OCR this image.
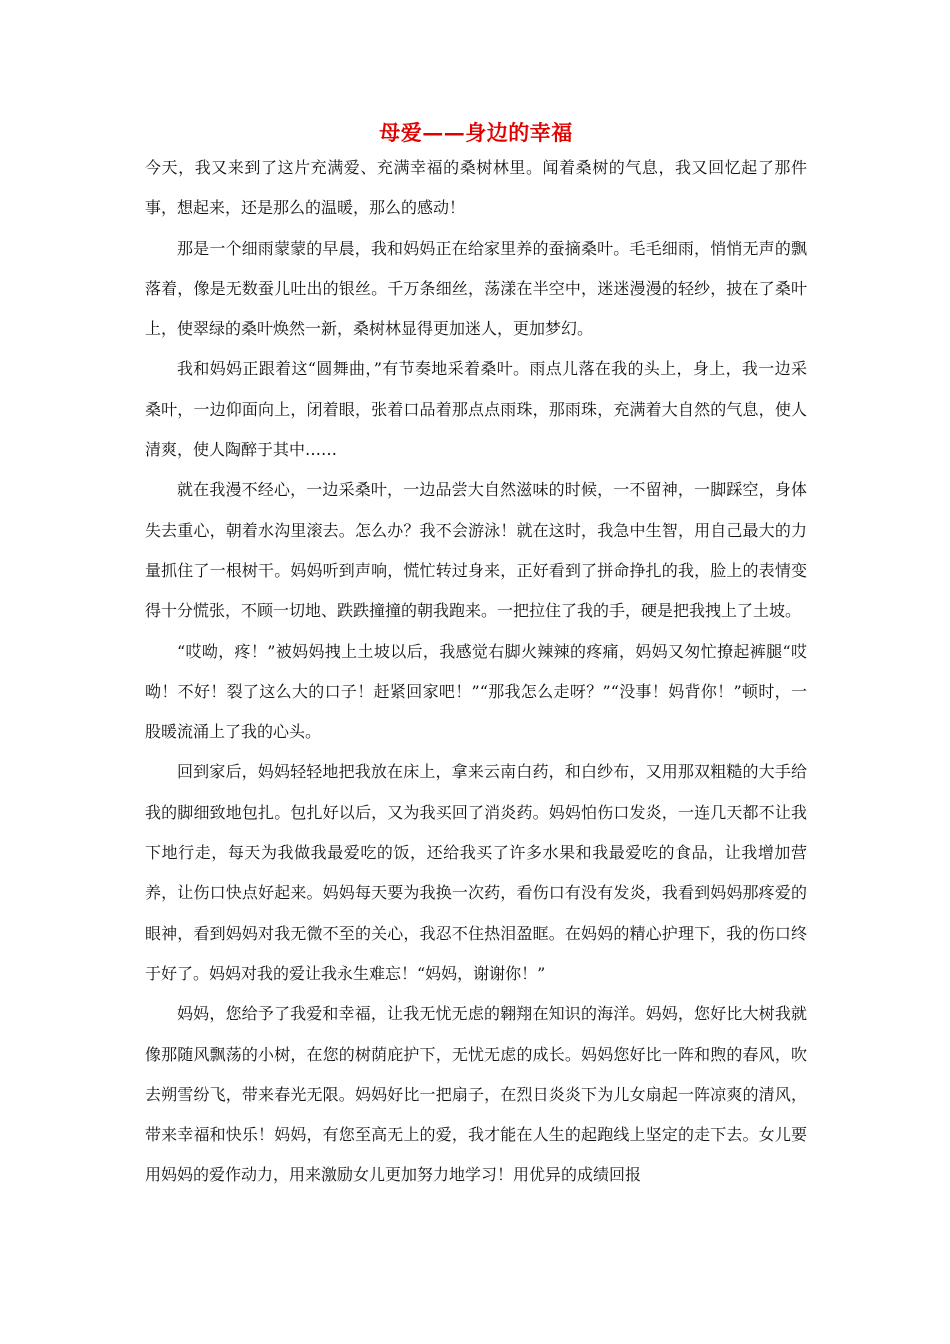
母爱——身边的幸福

今天，我又来到了这片充满爱、充满幸福的桑树林里。闻着桑树的气息，我又回忆起了那件事，想起来，还是那么的温暖，那么的感动！

那是一个细雨蒙蒙的早晨，我和妈妈正在给家里养的蚕摘桑叶。毛毛细雨，悄悄无声的飘落着，像是无数蚕儿吐出的银丝。千万条细丝，荡漾在半空中，迷迷漫漫的轻纱，披在了桑叶上，使翠绿的桑叶焕然一新，桑树林显得更加迷人，更加梦幻。

我和妈妈正跟着这“圆舞曲，”有节奏地采着桑叶。雨点儿落在我的头上，身上，我一边采桑叶，一边仰面向上，闭着眼，张着口品着那点点雨珠，那雨珠，充满着大自然的气息，使人清爽，使人陶醉于其中……

就在我漫不经心，一边采桑叶，一边品尝大自然滋味的时候，一不留神，一脚踩空，身体失去重心，朝着水沟里滚去。怎么办？我不会游泳！就在这时，我急中生智，用自己最大的力量抓住了一根树干。妈妈听到声响，慌忙转过身来，正好看到了拼命挣扎的我，脸上的表情变得十分慌张，不顾一切地、跌跌撞撞的朝我跑来。一把拉住了我的手，硬是把我拽上了土坡。

“哎呦，疼！”被妈妈拽上土坡以后，我感觉右脚火辣辣的疼痛，妈妈又匆忙撩起裤腿“哎呦！不好！裂了这么大的口子！赶紧回家吧！”“那我怎么走呀？”“没事！妈背你！”顿时，一股暖流涌上了我的心头。

回到家后，妈妈轻轻地把我放在床上，拿来云南白药，和白纱布，又用那双粗糙的大手给我的脚细致地包扎。包扎好以后，又为我买回了消炎药。妈妈怕伤口发炎，一连几天都不让我下地行走，每天为我做我最爱吃的饭，还给我买了许多水果和我最爱吃的食品，让我增加营养，让伤口快点好起来。妈妈每天要为我换一次药，看伤口有没有发炎，我看到妈妈那疼爱的眼神，看到妈妈对我无微不至的关心，我忍不住热泪盈眶。在妈妈的精心护理下，我的伤口终于好了。妈妈对我的爱让我永生难忘！“妈妈，谢谢你！”

妈妈，您给予了我爱和幸福，让我无忧无虑的翱翔在知识的海洋。妈妈，您好比大树我就像那随风飘荡的小树，在您的树荫庇护下，无忧无虑的成长。妈妈您好比一阵和煦的春风，吹去朔雪纷飞，带来春光无限。妈妈好比一把扇子，在烈日炎炎下为儿女扇起一阵凉爽的清风，带来幸福和快乐！妈妈，有您至高无上的爱，我才能在人生的起跑线上坚定的走下去。女儿要用妈妈的爱作动力，用来激励女儿更加努力地学习！用优异的成绩回报
